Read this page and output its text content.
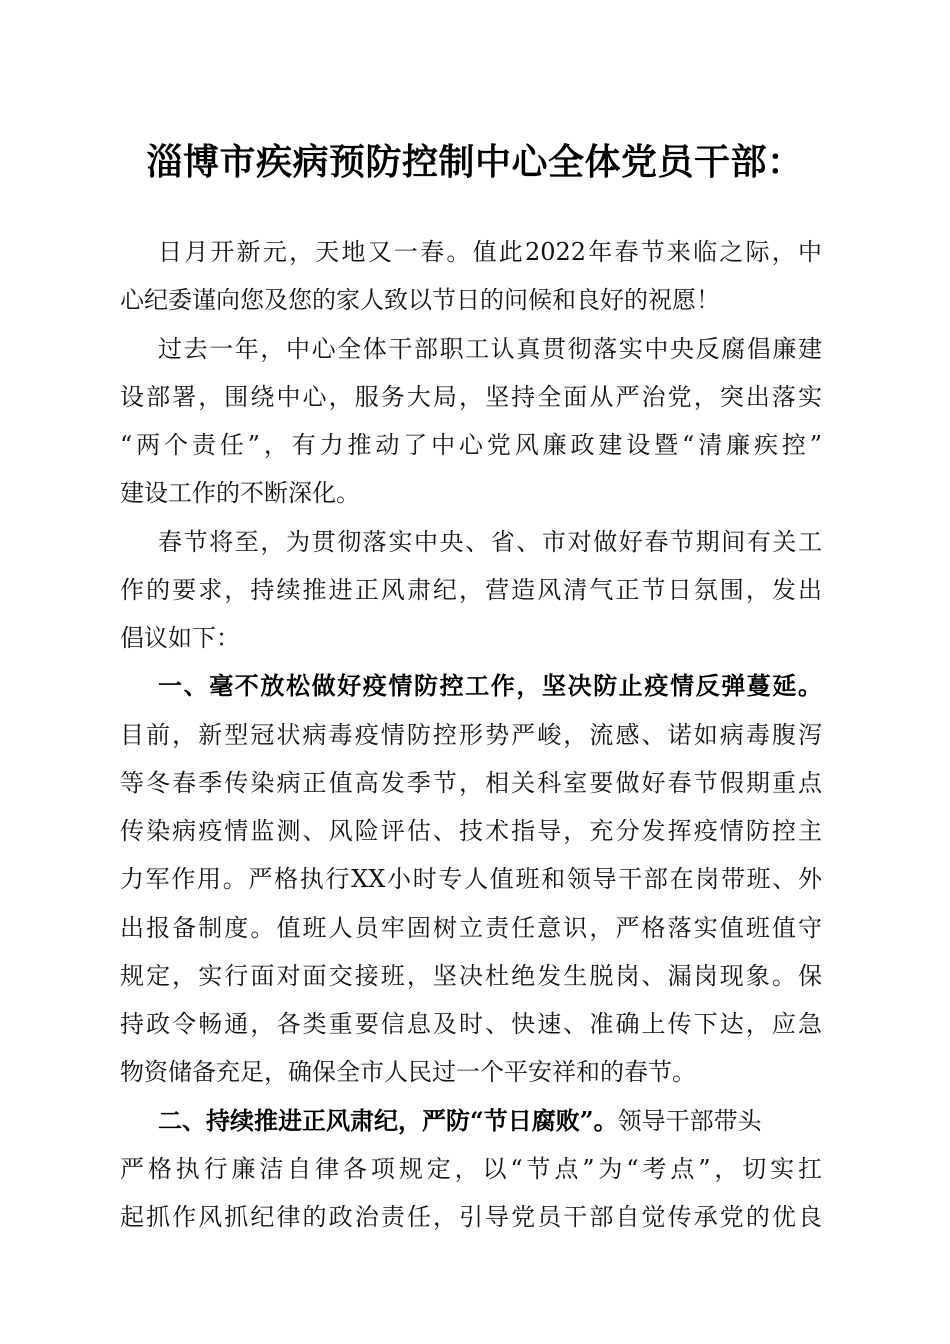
淄博市疾病预防控制中心全体党员干部：
日月开新元，天地又一春。值此2022年春节来临之际，中
心纪委谨向您及您的家人致以节日的问候和良好的祝愿！
过去一年，中心全体干部职工认真贯彻落实中央反腐倡廉建
设部署，围绕中心，服务大局，坚持全面从严治党，突出落实
“两个责任”，有力推动了中心党风廉政建设暨“清廉疾控”
建设工作的不断深化。
春节将至，为贯彻落实中央、省、市对做好春节期间有关工
作的要求，持续推进正风肃纪，营造风清气正节日氛围，发出
倡议如下：
一、毫不放松做好疫情防控工作，坚决防止疫情反弹蔓延。
目前，新型冠状病毒疫情防控形势严峻，流感、诺如病毒腹泻
等冬春季传染病正值高发季节，相关科室要做好春节假期重点
传染病疫情监测、风险评估、技术指导，充分发挥疫情防控主
力军作用。严格执行XX小时专人值班和领导干部在岗带班、外
出报备制度。值班人员牢固树立责任意识，严格落实值班值守
规定，实行面对面交接班，坚决杜绝发生脱岗、漏岗现象。保
持政令畅通，各类重要信息及时、快速、准确上传下达，应急
物资储备充足，确保全市人民过一个平安祥和的春节。
二、持续推进正风肃纪，严防“节日腐败”。领导干部带头
严格执行廉洁自律各项规定，以“节点”为“考点”，切实扛
起抓作风抓纪律的政治责任，引导党员干部自觉传承党的优良
